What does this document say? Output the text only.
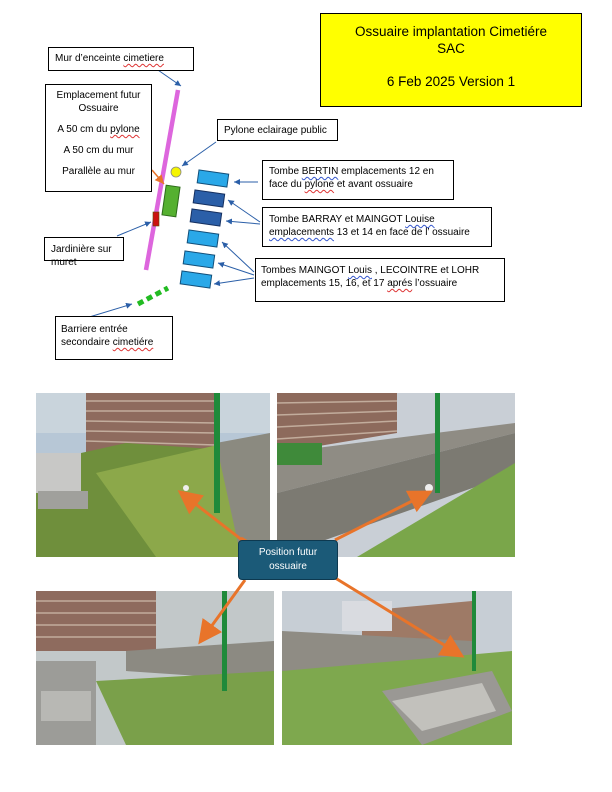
Ossuaire implantation Cimetiére
SAC
6 Feb 2025 Version 1
Mur d’enceinte cimetiere
Emplacement futur
Ossuaire
A 50 cm du pylone
A 50 cm du mur
Parallèle au mur
Pylone eclairage public
Tombe BERTIN emplacements 12 en
face du pylone et avant ossuaire
Tombe BARRAY et MAINGOT Louise
emplacements 13 et 14 en face de l’ ossuaire
Jardinière sur muret
Tombes MAINGOT Louis , LECOINTRE et LOHR
emplacements 15, 16, et 17 aprés l’ossuaire
Barriere entrée
secondaire cimetiére
Position futur
ossuaire
